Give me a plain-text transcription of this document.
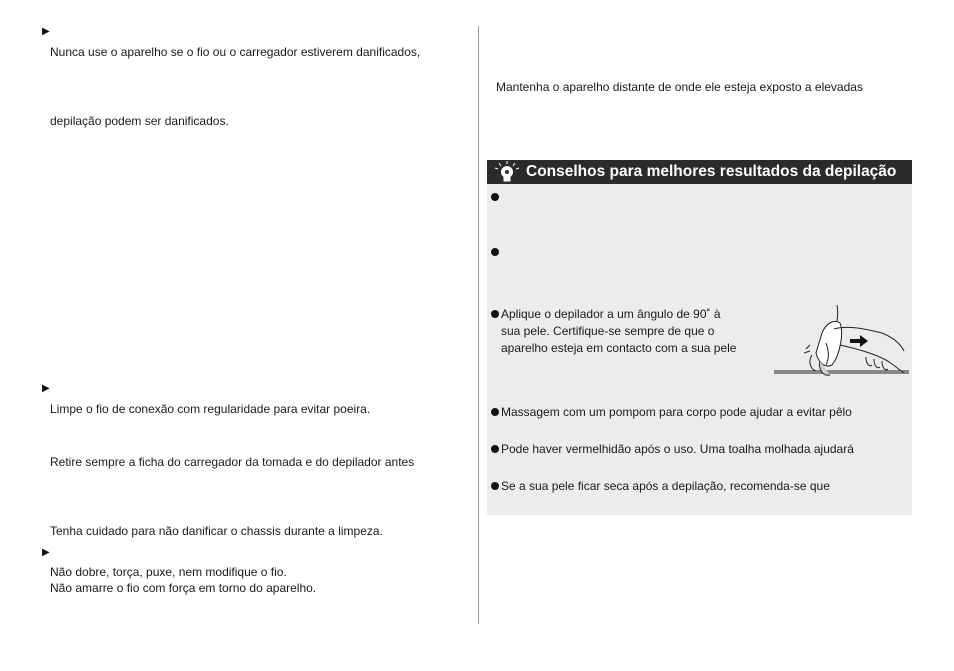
▶
Nunca use o aparelho se o fio ou o carregador estiverem danificados,
depilação podem ser danificados.
▶
Limpe o fio de conexão com regularidade para evitar poeira.
Retire sempre a ficha do carregador da tomada e do depilador antes
Tenha cuidado para não danificar o chassis durante a limpeza.
▶
Não dobre, torça, puxe, nem modifique o fio.
Não amarre o fio com força em torno do aparelho.
Mantenha o aparelho distante de onde ele esteja exposto a elevadas
Conselhos para melhores resultados da depilação
Aplique o depilador a um ângulo de 90˚ à
sua pele. Certifique-se sempre de que o
aparelho esteja em contacto com a sua pele
Massagem com um pompom para corpo pode ajudar a evitar pêlo
Pode haver vermelhidão após o uso. Uma toalha molhada ajudará
Se a sua pele ficar seca após a depilação, recomenda-se que
